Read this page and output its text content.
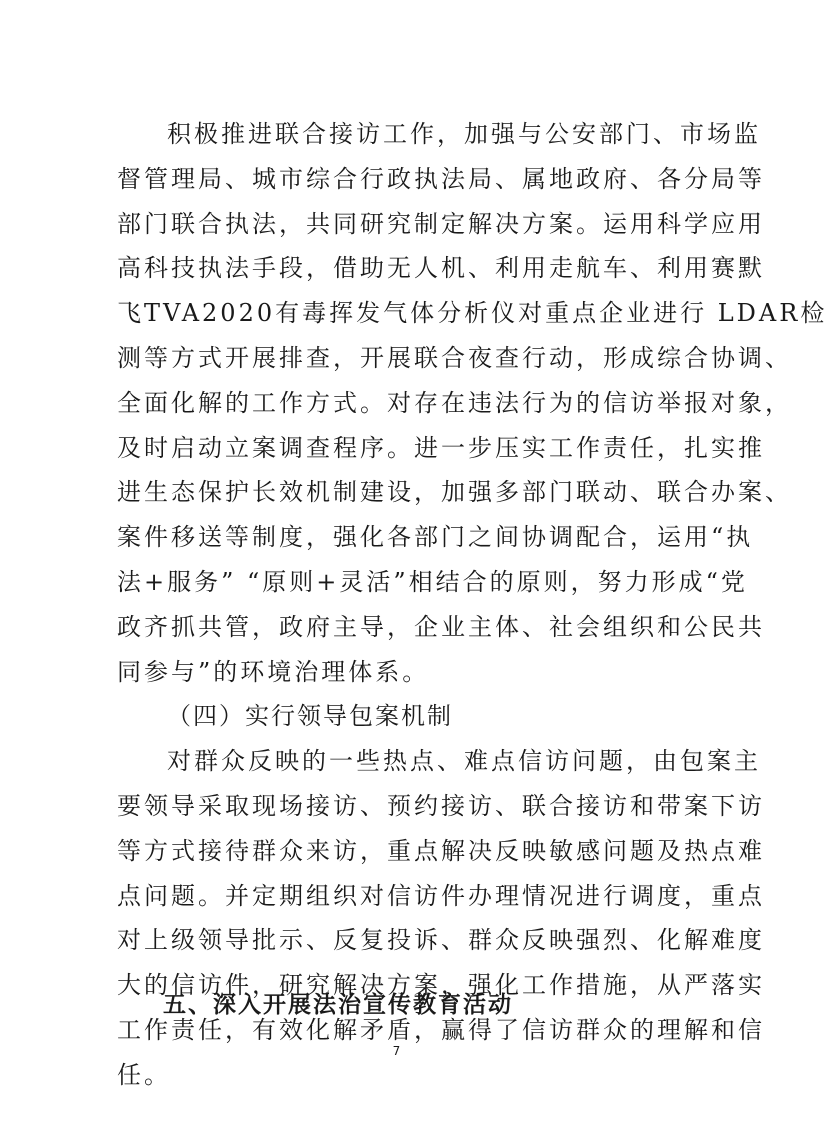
积极推进联合接访工作，加强与公安部门、市场监
督管理局、城市综合行政执法局、属地政府、各分局等
部门联合执法，共同研究制定解决方案。运用科学应用
高科技执法手段，借助无人机、利用走航车、利用赛默
飞TVA2020有毒挥发气体分析仪对重点企业进行 LDAR检
测等方式开展排查，开展联合夜查行动，形成综合协调、
全面化解的工作方式。对存在违法行为的信访举报对象，
及时启动立案调查程序。进一步压实工作责任，扎实推
进生态保护长效机制建设，加强多部门联动、联合办案、
案件移送等制度，强化各部门之间协调配合，运用“执
法+服务” “原则+灵活”相结合的原则，努力形成“党
政齐抓共管，政府主导，企业主体、社会组织和公民共
同参与”的环境治理体系。
（四）实行领导包案机制
对群众反映的一些热点、难点信访问题，由包案主
要领导采取现场接访、预约接访、联合接访和带案下访
等方式接待群众来访，重点解决反映敏感问题及热点难
点问题。并定期组织对信访件办理情况进行调度，重点
对上级领导批示、反复投诉、群众反映强烈、化解难度
大的信访件，研究解决方案，强化工作措施，从严落实
工作责任，有效化解矛盾，赢得了信访群众的理解和信
任。
五、深入开展法治宣传教育活动
7
